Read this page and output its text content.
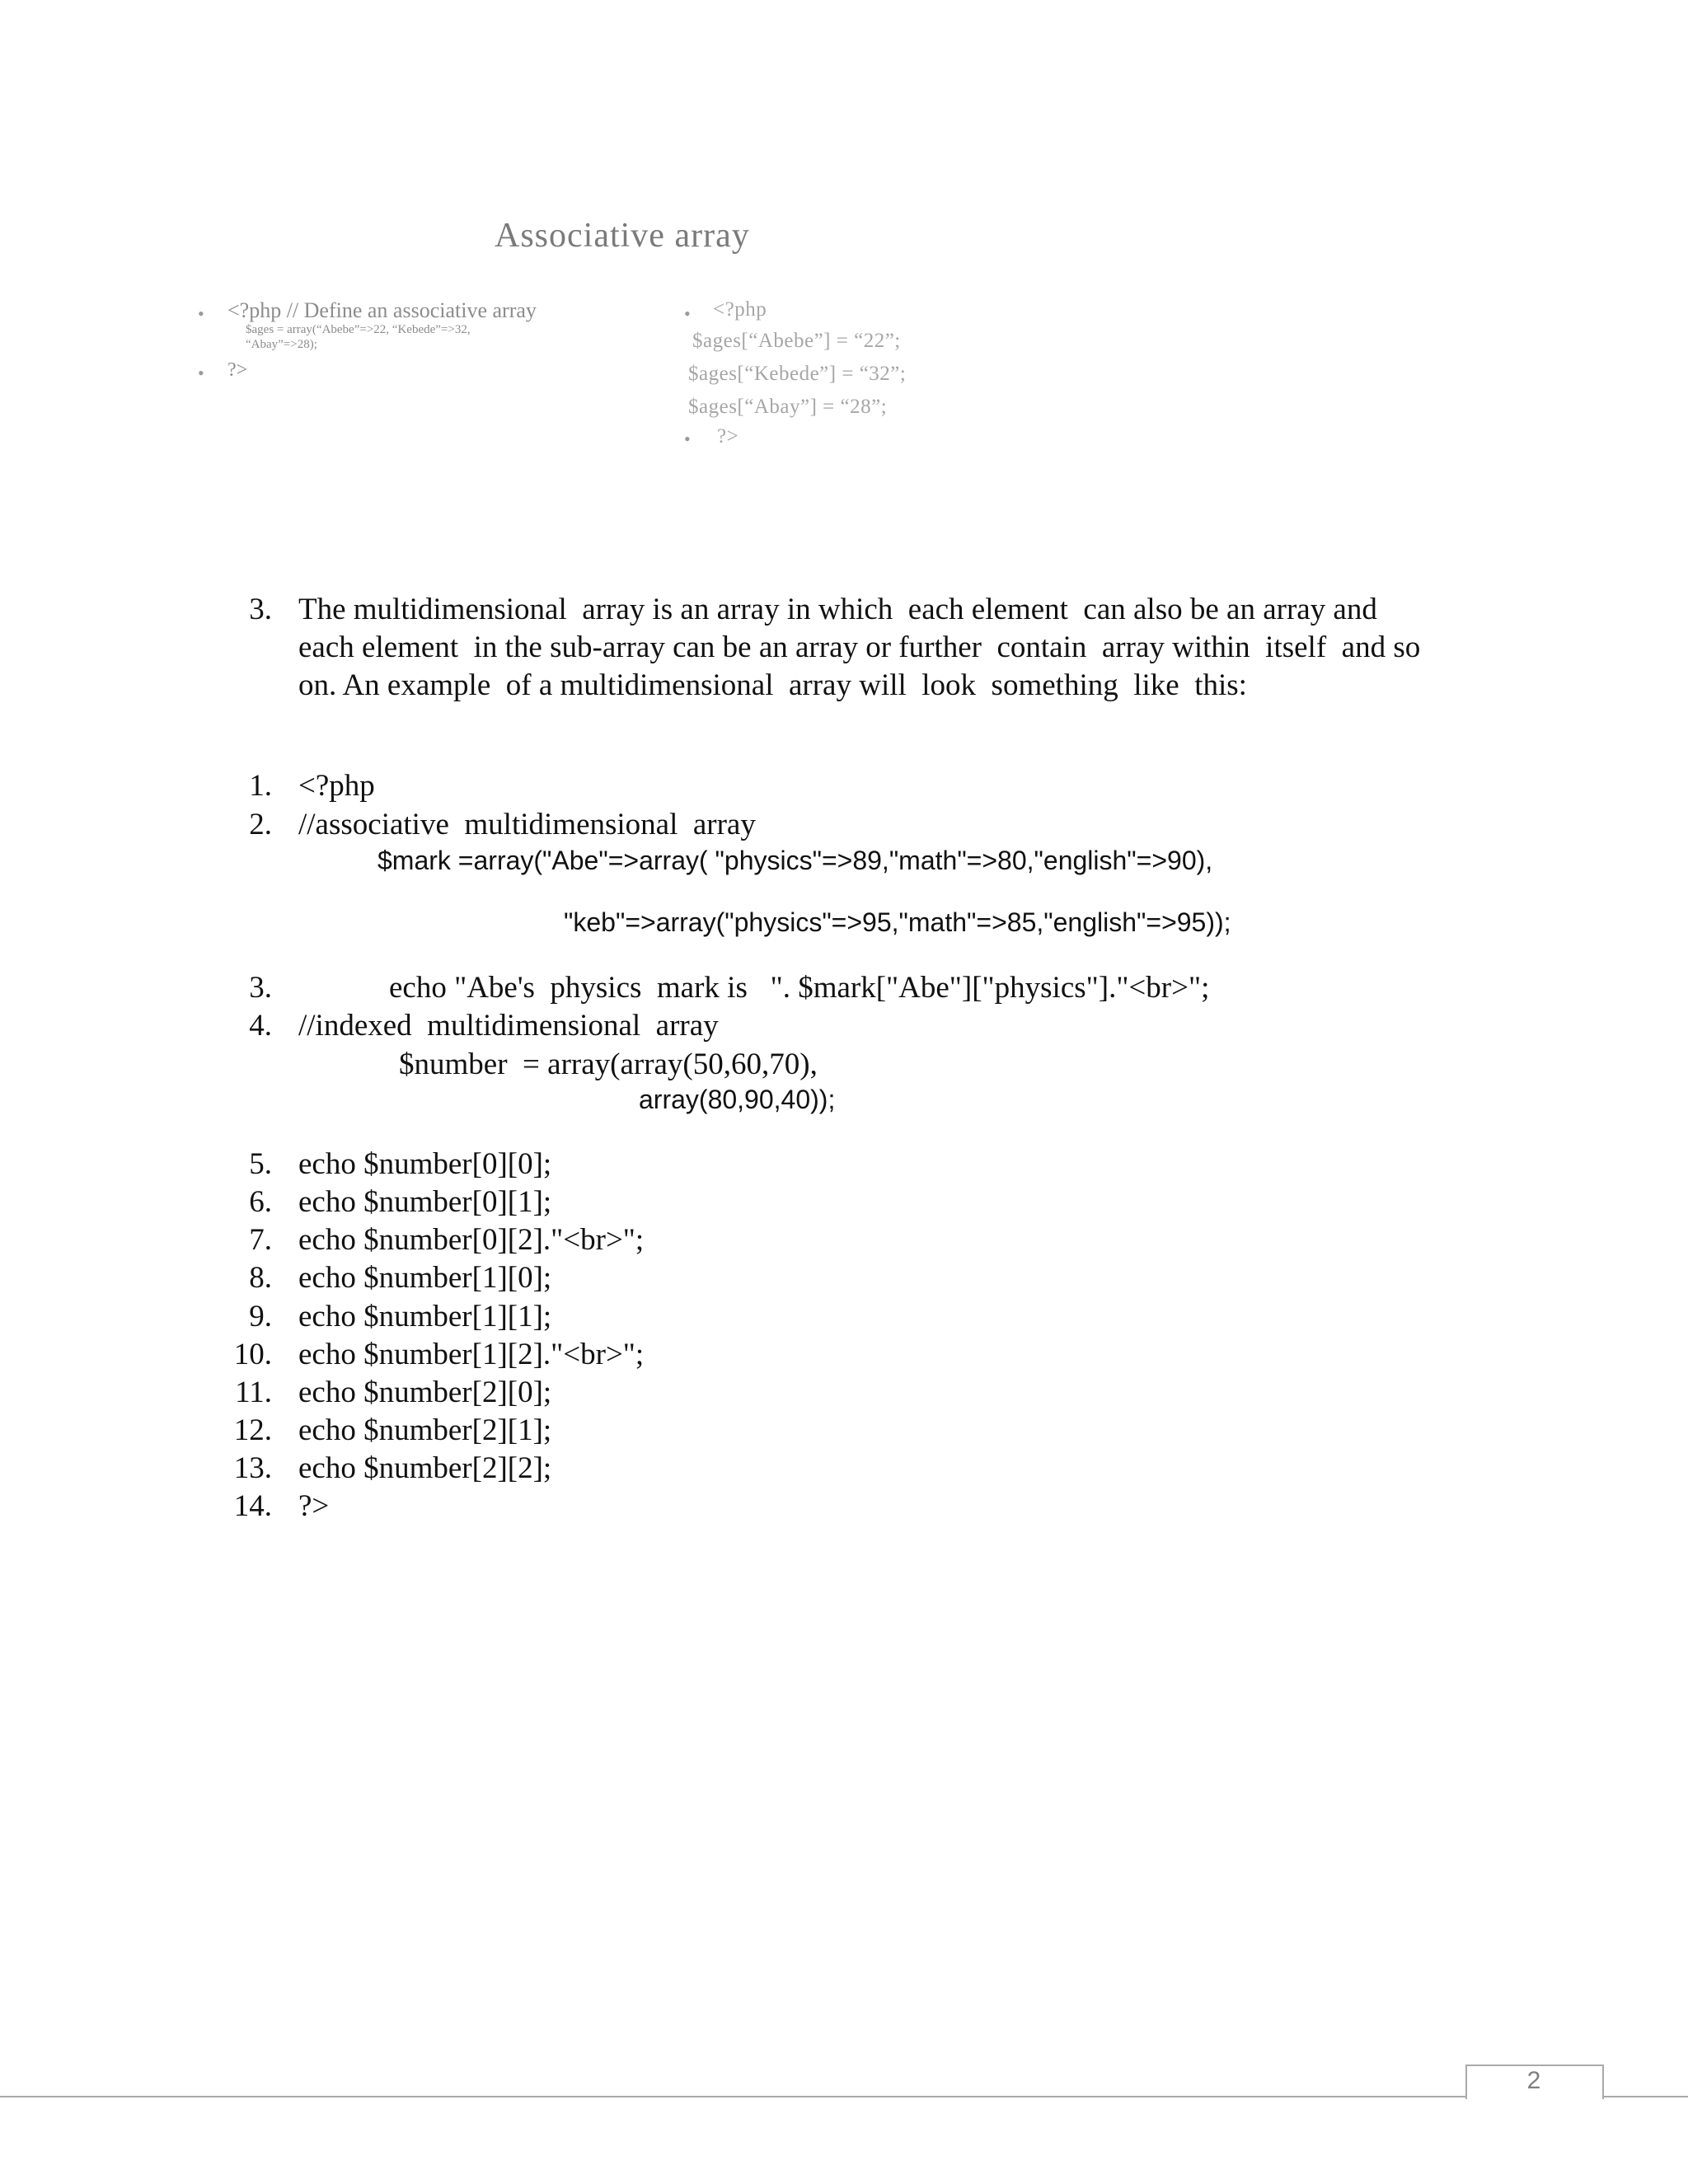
Associative array
• <?php // Define an associative array
$ages = array(“Abebe”=>22, “Kebede”=>32,
“Abay”=>28);
• ?>
• <?php
$ages[“Abebe”] = “22”;
$ages[“Kebede”] = “32”;
$ages[“Abay”] = “28”;
• ?>
3. The multidimensional  array is an array in which  each element  can also be an array and
each element  in the sub-array can be an array or further  contain  array within  itself  and so
on. An example  of a multidimensional  array will  look  something  like  this:
1. <?php
2. //associative  multidimensional  array
$mark =array("Abe"=>array( "physics"=>89,"math"=>80,"english"=>90),
"keb"=>array("physics"=>95,"math"=>85,"english"=>95));
3.	echo "Abe's  physics  mark is   ". $mark["Abe"]["physics"]."<br>";
4. //indexed  multidimensional  array
$number  = array(array(50,60,70),
array(80,90,40));
5. echo $number[0][0];
6. echo $number[0][1];
7. echo $number[0][2]."<br>";
8. echo $number[1][0];
9. echo $number[1][1];
10. echo $number[1][2]."<br>";
11. echo $number[2][0];
12. echo $number[2][1];
13. echo $number[2][2];
14. ?>
2
